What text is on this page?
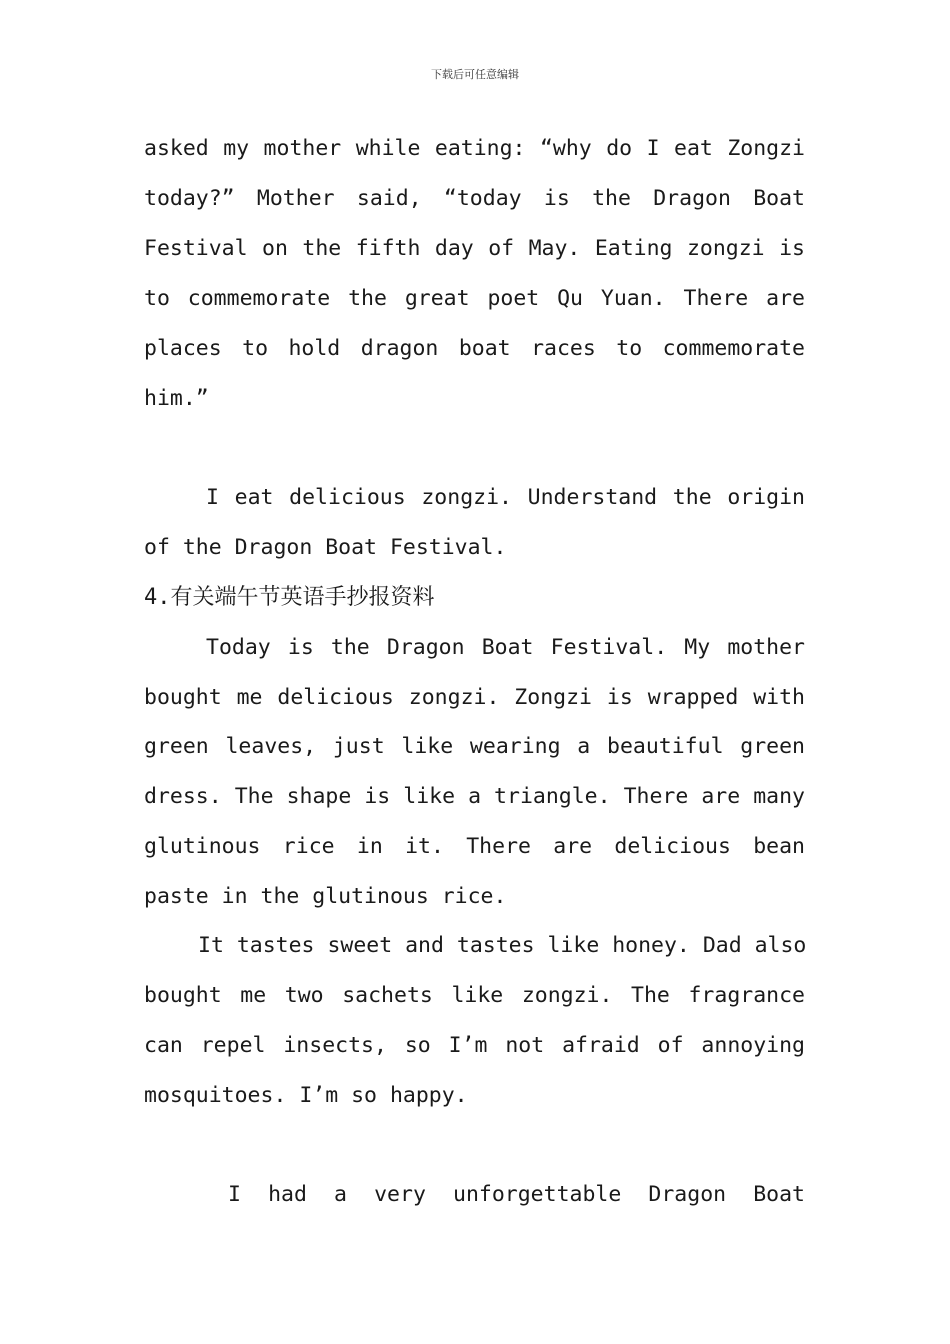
下载后可任意编辑
asked my mother while eating: “why do I eat Zongzi
today?” Mother said, “today is the Dragon Boat
Festival on the fifth day of May. Eating zongzi is
to commemorate the great poet Qu Yuan. There are
places to hold dragon boat races to commemorate
him.”
I eat delicious zongzi. Understand the origin
of the Dragon Boat Festival.
4.有关端午节英语手抄报资料
Today is the Dragon Boat Festival. My mother
bought me delicious zongzi. Zongzi is wrapped with
green leaves, just like wearing a beautiful green
dress. The shape is like a triangle. There are many
glutinous rice in it. There are delicious bean
paste in the glutinous rice.
It tastes sweet and tastes like honey. Dad also
bought me two sachets like zongzi. The fragrance
can repel insects, so I’m not afraid of annoying
mosquitoes. I’m so happy.
I had a very unforgettable Dragon Boat
